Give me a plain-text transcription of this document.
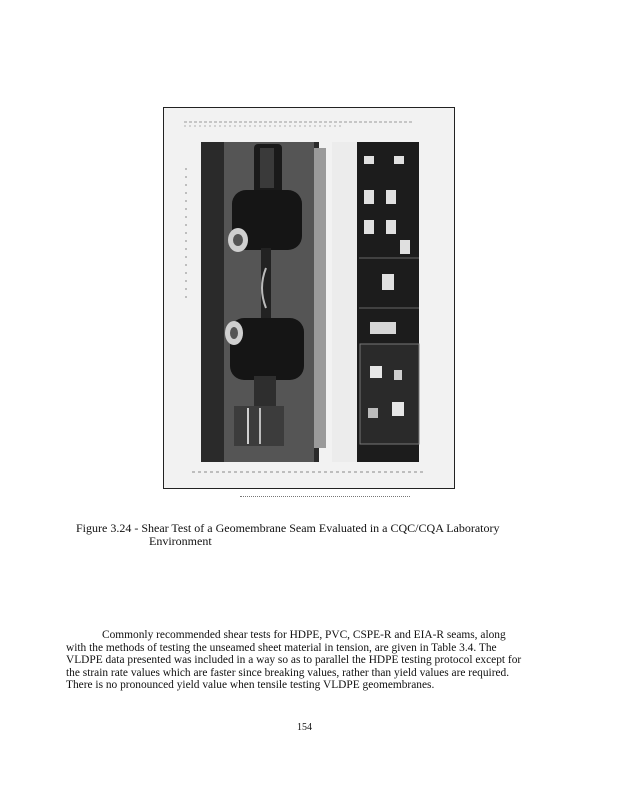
Figure 3.24 - Shear Test of a Geomembrane Seam Evaluated in a CQC/CQA Laboratory
Environment
Commonly recommended shear tests for HDPE, PVC, CSPE-R and EIA-R seams, along
with the methods of testing the unseamed sheet material in tension, are given in Table 3.4. The
VLDPE data presented was included in a way so as to parallel the HDPE testing protocol except for
the strain rate values which are faster since breaking values, rather than yield values are required.
There is no pronounced yield value when tensile testing VLDPE geomembranes.
154
